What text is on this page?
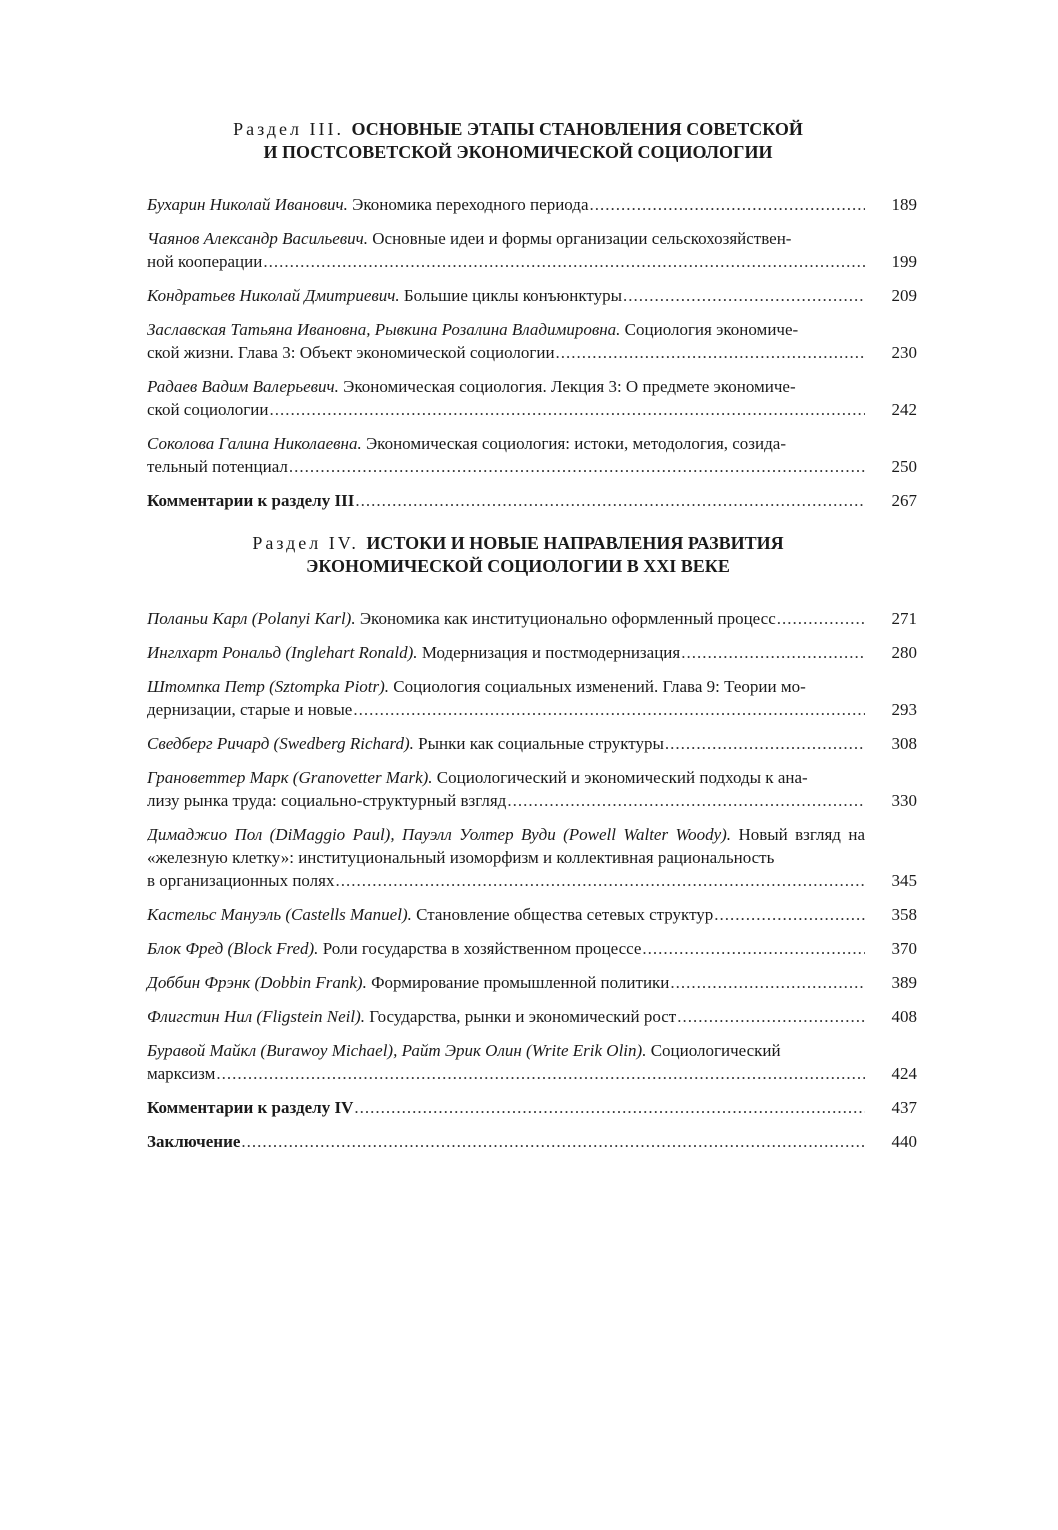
Раздел III. ОСНОВНЫЕ ЭТАПЫ СТАНОВЛЕНИЯ СОВЕТСКОЙ
И ПОСТСОВЕТСКОЙ ЭКОНОМИЧЕСКОЙ СОЦИОЛОГИИ
Бухарин Николай Иванович. Экономика переходного периода .....	189
Чаянов Александр Васильевич. Основные идеи и формы организации сельскохозяйствен-
ной кооперации .....	199
Кондратьев Николай Дмитриевич. Большие циклы конъюнктуры .....	209
Заславская Татьяна Ивановна, Рывкина Розалина Владимировна. Социология экономиче-
ской жизни. Глава 3: Объект экономической социологии .....	230
Радаев Вадим Валерьевич. Экономическая социология. Лекция 3: О предмете экономиче-
ской социологии .....	242
Соколова Галина Николаевна. Экономическая социология: истоки, методология, созида-
тельный потенциал .....	250
Комментарии к разделу III .....	267
Раздел IV. ИСТОКИ И НОВЫЕ НАПРАВЛЕНИЯ РАЗВИТИЯ
ЭКОНОМИЧЕСКОЙ СОЦИОЛОГИИ В XXI ВЕКЕ
Поланьи Карл (Polanyi Karl). Экономика как институционально оформленный процесс .....	271
Инглхарт Рональд (Inglehart Ronald). Модернизация и постмодернизация .....	280
Штомпка Петр (Sztompka Piotr). Социология социальных изменений. Глава 9: Теории мо-
дернизации, старые и новые .....	293
Сведберг Ричард (Swedberg Richard). Рынки как социальные структуры .....	308
Грановеттер Марк (Granovetter Mark). Социологический и экономический подходы к ана-
лизу рынка труда: социально-структурный взгляд .....	330
Димаджио Пол (DiMaggio Paul), Пауэлл Уолтер Вуди (Powell Walter Woody). Новый взгляд на «железную клетку»: институциональный изоморфизм и коллективная рациональность
в организационных полях .....	345
Кастельс Мануэль (Castells Manuel). Становление общества сетевых структур .....	358
Блок Фред (Block Fred). Роли государства в хозяйственном процессе .....	370
Доббин Фрэнк (Dobbin Frank). Формирование промышленной политики .....	389
Флигстин Нил (Fligstein Neil). Государства, рынки и экономический рост .....	408
Буравой Майкл (Burawoy Michael), Райт Эрик Олин (Write Erik Olin). Социологический
марксизм .....	424
Комментарии к разделу IV .....	437
Заключение .....	440
